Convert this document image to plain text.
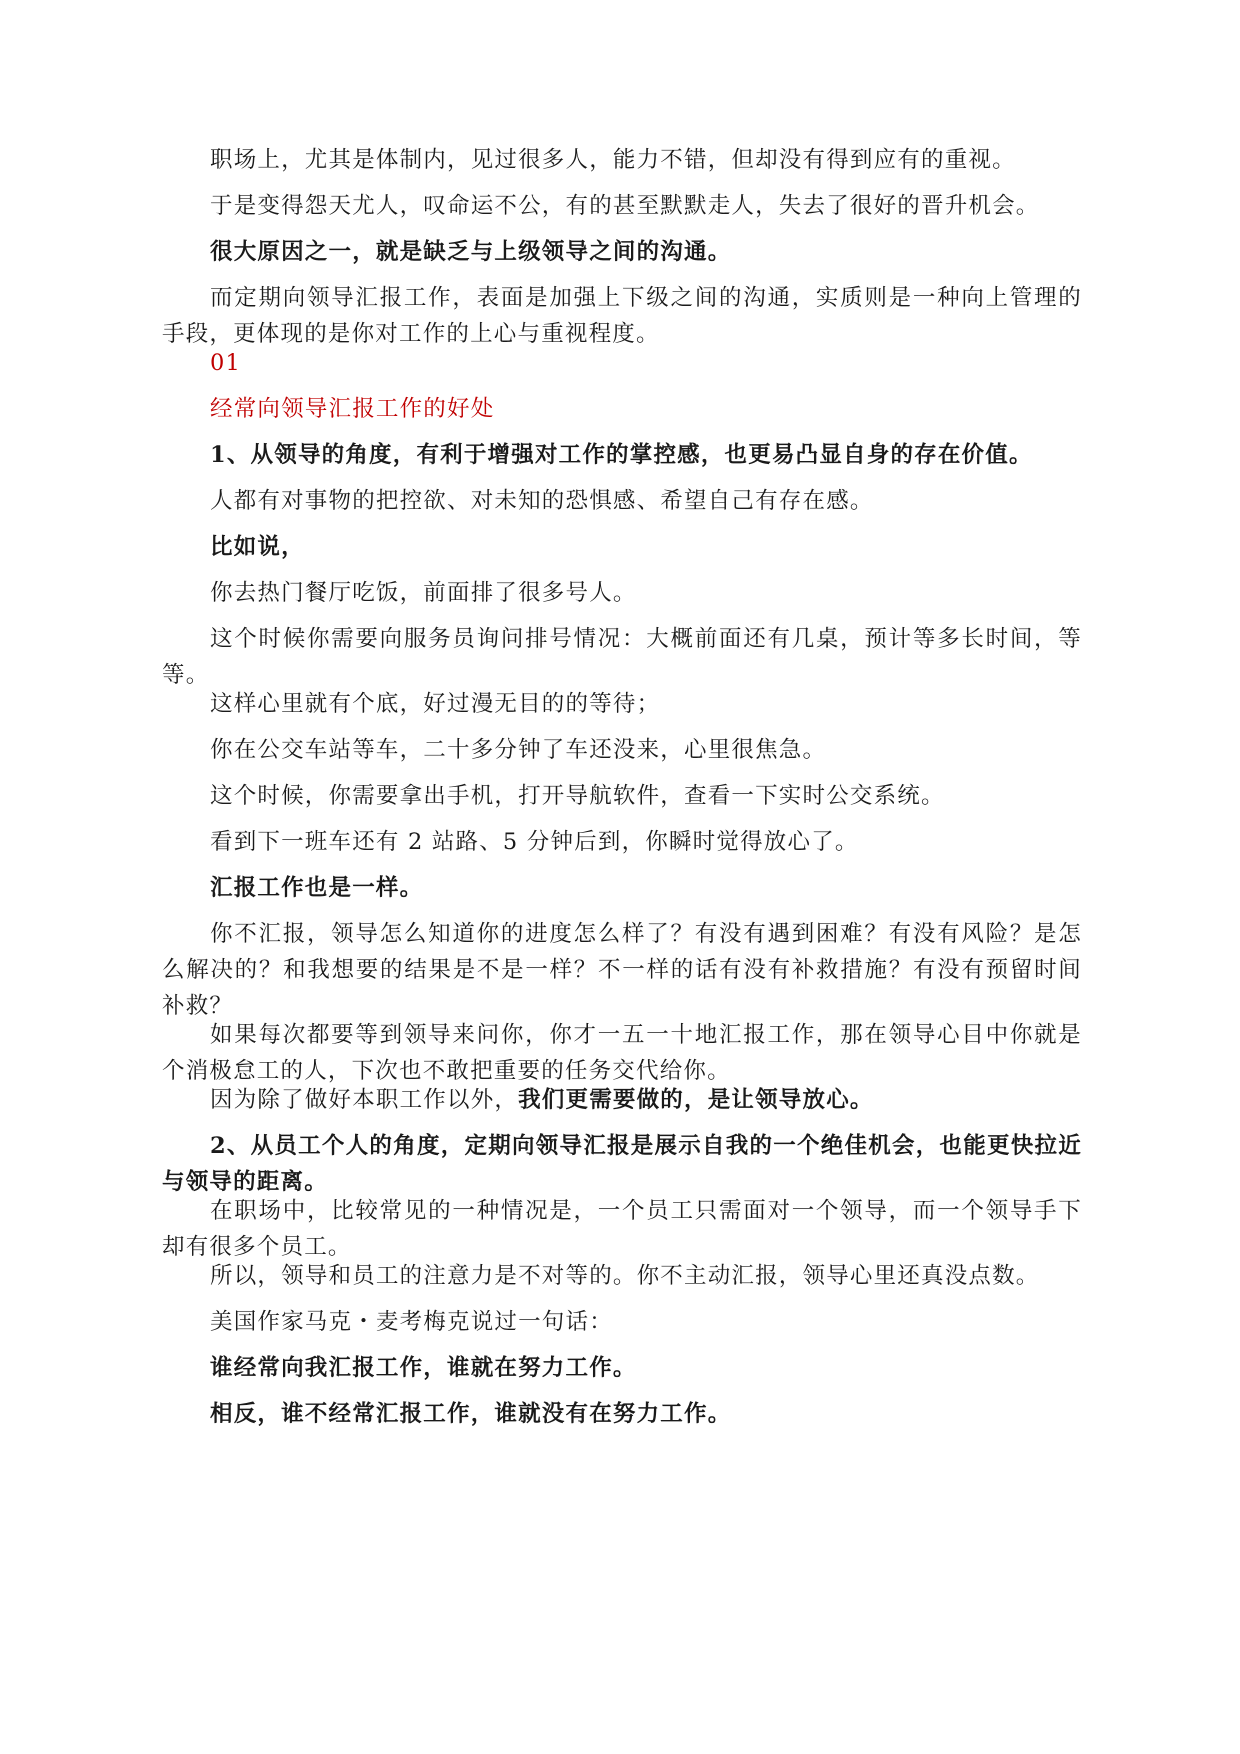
职场上，尤其是体制内，见过很多人，能力不错，但却没有得到应有的重视。

于是变得怨天尤人，叹命运不公，有的甚至默默走人，失去了很好的晋升机会。

很大原因之一，就是缺乏与上级领导之间的沟通。

而定期向领导汇报工作，表面是加强上下级之间的沟通，实质则是一种向上管理的手段，更体现的是你对工作的上心与重视程度。

01

经常向领导汇报工作的好处

1、从领导的角度，有利于增强对工作的掌控感，也更易凸显自身的存在价值。

人都有对事物的把控欲、对未知的恐惧感、希望自己有存在感。

比如说，

你去热门餐厅吃饭，前面排了很多号人。

这个时候你需要向服务员询问排号情况：大概前面还有几桌，预计等多长时间，等等。

这样心里就有个底，好过漫无目的的等待；

你在公交车站等车，二十多分钟了车还没来，心里很焦急。

这个时候，你需要拿出手机，打开导航软件，查看一下实时公交系统。

看到下一班车还有 2 站路、5 分钟后到，你瞬时觉得放心了。

汇报工作也是一样。

你不汇报，领导怎么知道你的进度怎么样了？有没有遇到困难？有没有风险？是怎么解决的？和我想要的结果是不是一样？不一样的话有没有补救措施？有没有预留时间补救？

如果每次都要等到领导来问你，你才一五一十地汇报工作，那在领导心目中你就是个消极怠工的人，下次也不敢把重要的任务交代给你。

因为除了做好本职工作以外，我们更需要做的，是让领导放心。

2、从员工个人的角度，定期向领导汇报是展示自我的一个绝佳机会，也能更快拉近与领导的距离。

在职场中，比较常见的一种情况是，一个员工只需面对一个领导，而一个领导手下却有很多个员工。

所以，领导和员工的注意力是不对等的。你不主动汇报，领导心里还真没点数。

美国作家马克・麦考梅克说过一句话：

谁经常向我汇报工作，谁就在努力工作。

相反，谁不经常汇报工作，谁就没有在努力工作。
